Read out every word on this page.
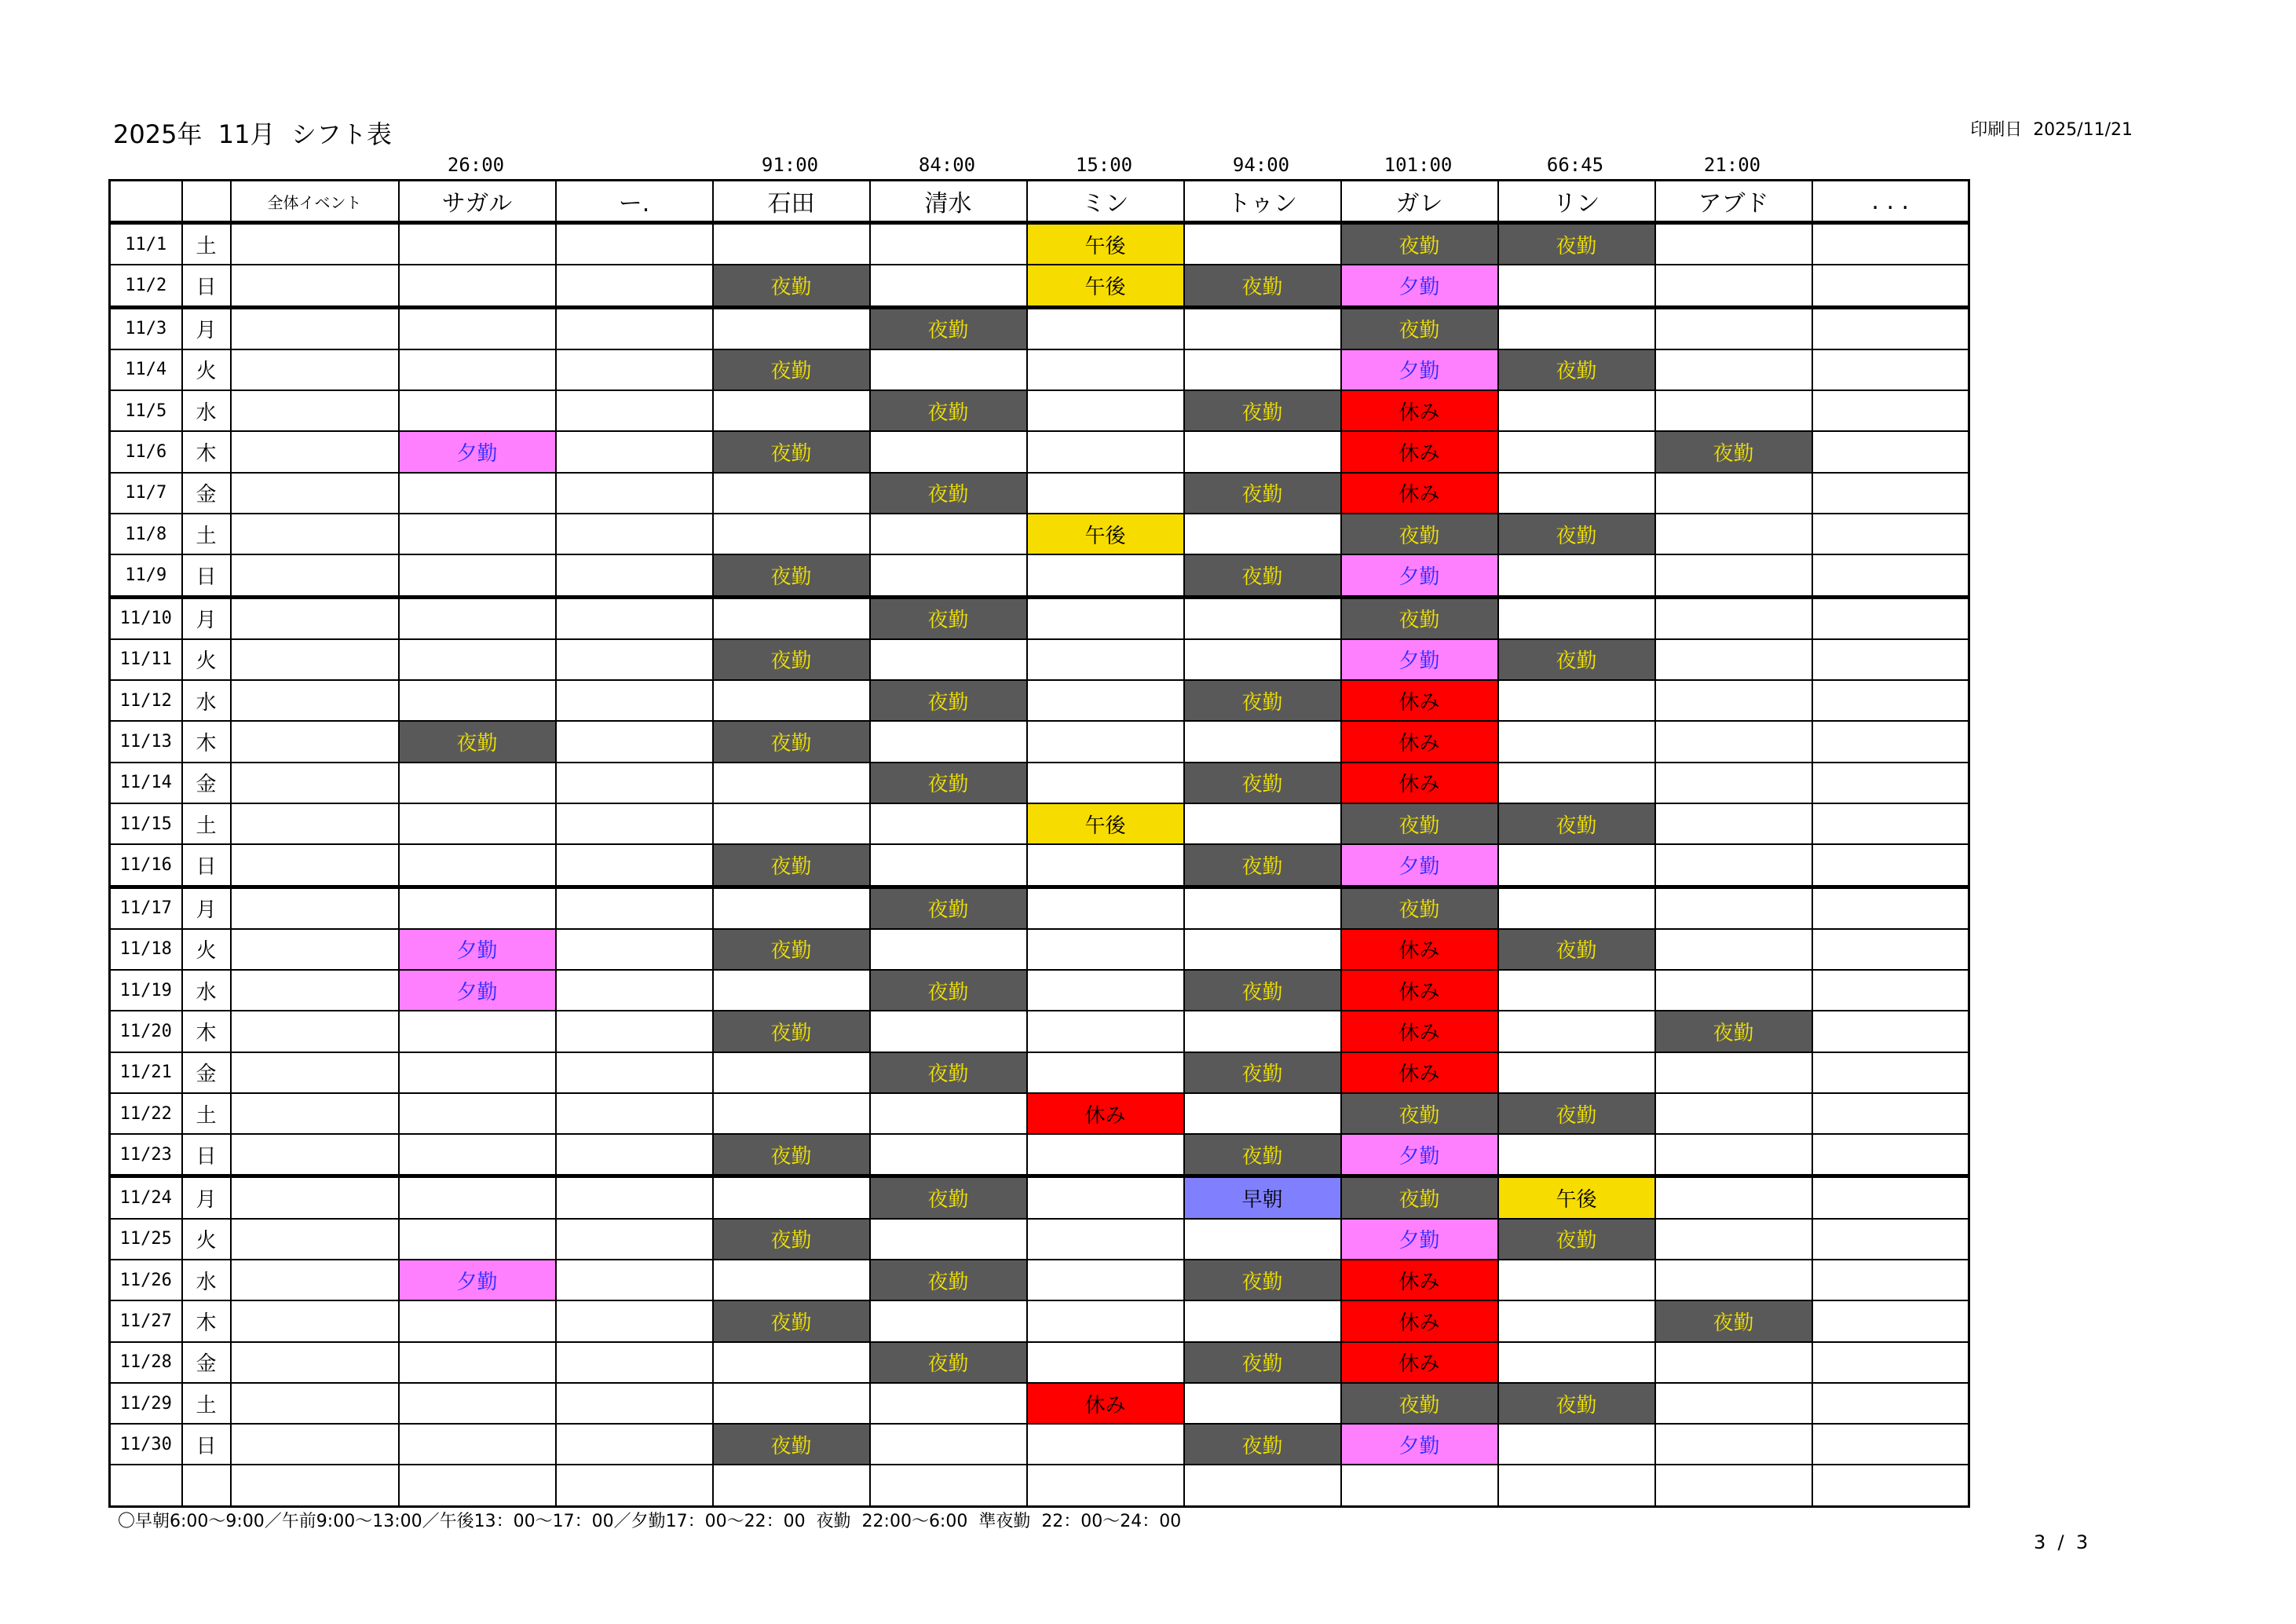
2025年  11月  シフト表	印刷日  2025/11/21
26:00	91:00	84:00	15:00	94:00	101:00	66:45	21:00
		全体イベント	サガル	ー.	石田	清水	ミン	トゥン	ガレ	リン	アブド	. . .
11/1	土						午後		夜勤	夜勤		
11/2	日				夜勤		午後	夜勤	夕勤			
11/3	月					夜勤			夜勤			
11/4	火				夜勤				夕勤	夜勤		
11/5	水					夜勤		夜勤	休み			
11/6	木		夕勤		夜勤				休み		夜勤	
11/7	金					夜勤		夜勤	休み			
11/8	土						午後		夜勤	夜勤		
11/9	日				夜勤			夜勤	夕勤			
11/10	月					夜勤			夜勤			
11/11	火				夜勤				夕勤	夜勤		
11/12	水					夜勤		夜勤	休み			
11/13	木		夜勤		夜勤				休み			
11/14	金					夜勤		夜勤	休み			
11/15	土						午後		夜勤	夜勤		
11/16	日				夜勤			夜勤	夕勤			
11/17	月					夜勤			夜勤			
11/18	火		夕勤		夜勤				休み	夜勤		
11/19	水		夕勤			夜勤		夜勤	休み			
11/20	木				夜勤				休み		夜勤	
11/21	金					夜勤		夜勤	休み			
11/22	土						休み		夜勤	夜勤		
11/23	日				夜勤			夜勤	夕勤			
11/24	月					夜勤		早朝	夜勤	午後		
11/25	火				夜勤				夕勤	夜勤		
11/26	水		夕勤			夜勤		夜勤	休み			
11/27	木				夜勤				休み		夜勤	
11/28	金					夜勤		夜勤	休み			
11/29	土						休み		夜勤	夜勤		
11/30	日				夜勤			夜勤	夕勤			

〇早朝6:00〜9:00／午前9:00〜13:00／午後13：00〜17：00／夕勤17：00〜22：00  夜勤  22:00〜6:00  準夜勤  22：00〜24：00
3  /  3
